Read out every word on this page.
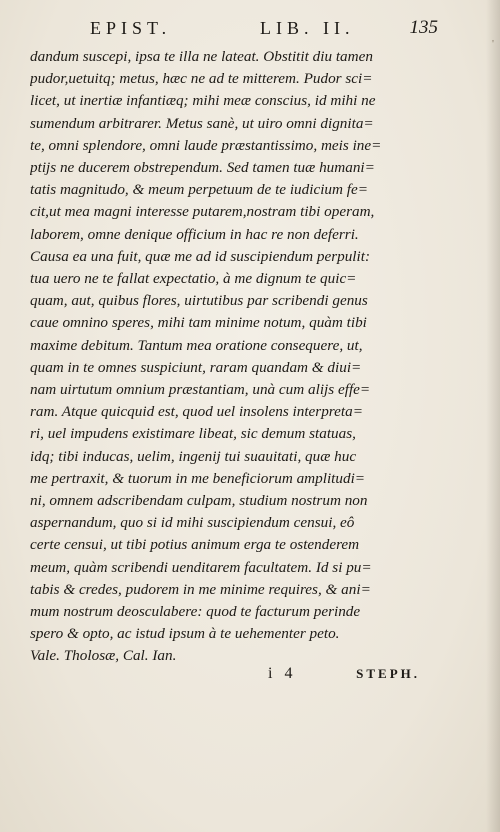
'
EPIST.	LIB. II.	135
dandum suscepi, ipsa te illa ne lateat. Obstitit diu tamen
pudor,uetuitq; metus, hæc ne ad te mitterem. Pudor sci=
licet, ut inertiæ infantiæq; mihi meæ conscius, id mihi ne
sumendum arbitrarer. Metus sanè, ut uiro omni dignita=
te, omni splendore, omni laude præstantissimo, meis ine=
ptijs ne ducerem obstrependum. Sed tamen tuæ humani=
tatis magnitudo, & meum perpetuum de te iudicium fe=
cit,ut mea magni interesse putarem,nostram tibi operam,
laborem, omne denique officium in hac re non deferri.
Causa ea una fuit, quæ me ad id suscipiendum perpulit:
tua uero ne te fallat expectatio, à me dignum te quic=
quam, aut, quibus flores, uirtutibus par scribendi genus
caue omnino speres, mihi tam minime notum, quàm tibi
maxime debitum. Tantum mea oratione consequere, ut,
quam in te omnes suspiciunt, raram quandam & diui=
nam uirtutum omnium præstantiam, unà cum alijs effe=
ram. Atque quicquid est, quod uel insolens interpreta=
ri, uel impudens existimare libeat, sic demum statuas,
idq; tibi inducas, uelim, ingenij tui suauitati, quæ huc
me pertraxit, & tuorum in me beneficiorum amplitudi=
ni, omnem adscribendam culpam, studium nostrum non
aspernandum, quo si id mihi suscipiendum censui, eô
certe censui, ut tibi potius animum erga te ostenderem
meum, quàm scribendi uenditarem facultatem. Id si pu=
tabis & credes, pudorem in me minime requires, & ani=
mum nostrum deosculabere: quod te facturum perinde
spero & opto, ac istud ipsum à te uehementer peto.
Vale. Tholosæ, Cal. Ian.
i 4	STEPH.
